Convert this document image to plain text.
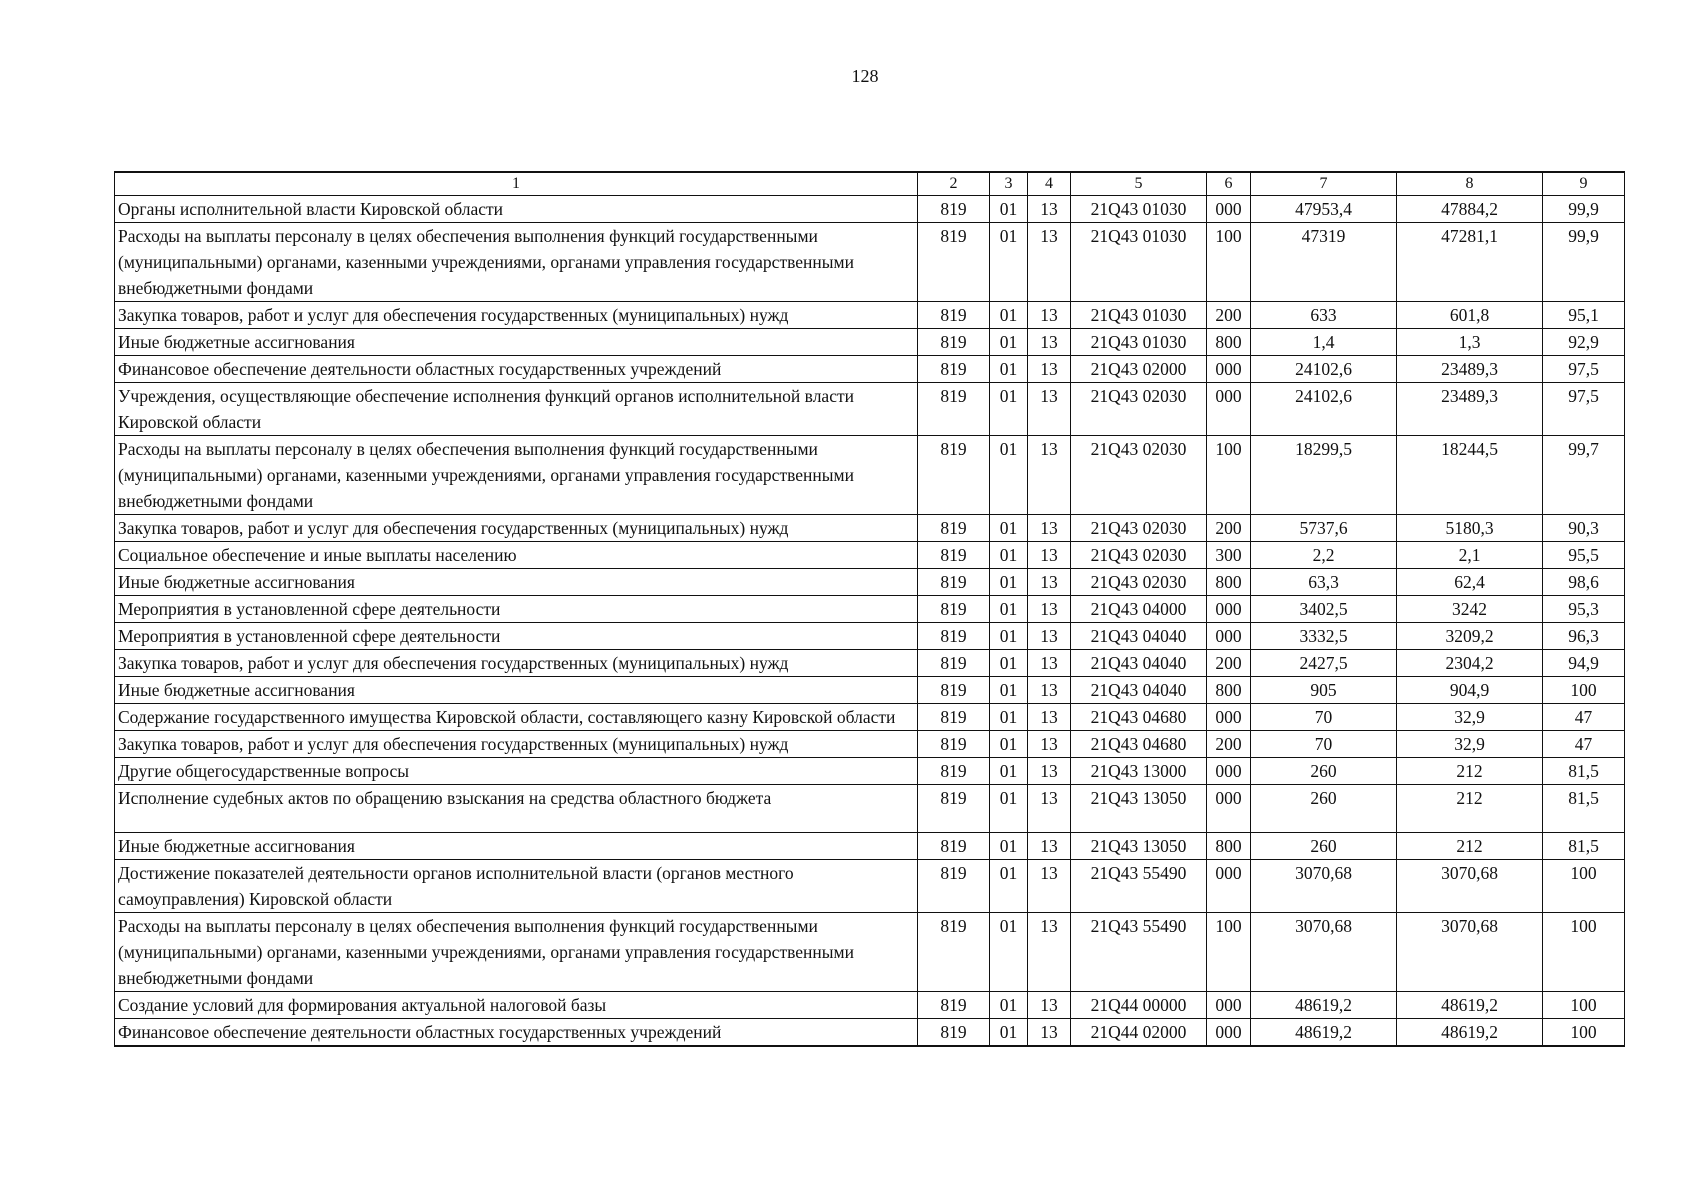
128
1	2	3	4	5	6	7	8	9
Органы исполнительной власти Кировской области	819	01	13	21Q43 01030	000	47953,4	47884,2	99,9
Расходы на выплаты персоналу в целях обеспечения выполнения функций государственными (муниципальными) органами, казенными учреждениями, органами управления государственными внебюджетными фондами	819	01	13	21Q43 01030	100	47319	47281,1	99,9
Закупка товаров, работ и услуг для обеспечения государственных (муниципальных) нужд	819	01	13	21Q43 01030	200	633	601,8	95,1
Иные бюджетные ассигнования	819	01	13	21Q43 01030	800	1,4	1,3	92,9
Финансовое обеспечение деятельности областных государственных учреждений	819	01	13	21Q43 02000	000	24102,6	23489,3	97,5
Учреждения, осуществляющие обеспечение исполнения функций органов исполнительной власти Кировской области	819	01	13	21Q43 02030	000	24102,6	23489,3	97,5
Расходы на выплаты персоналу в целях обеспечения выполнения функций государственными (муниципальными) органами, казенными учреждениями, органами управления государственными внебюджетными фондами	819	01	13	21Q43 02030	100	18299,5	18244,5	99,7
Закупка товаров, работ и услуг для обеспечения государственных (муниципальных) нужд	819	01	13	21Q43 02030	200	5737,6	5180,3	90,3
Социальное обеспечение и иные выплаты населению	819	01	13	21Q43 02030	300	2,2	2,1	95,5
Иные бюджетные ассигнования	819	01	13	21Q43 02030	800	63,3	62,4	98,6
Мероприятия в установленной сфере деятельности	819	01	13	21Q43 04000	000	3402,5	3242	95,3
Мероприятия в установленной сфере деятельности	819	01	13	21Q43 04040	000	3332,5	3209,2	96,3
Закупка товаров, работ и услуг для обеспечения государственных (муниципальных) нужд	819	01	13	21Q43 04040	200	2427,5	2304,2	94,9
Иные бюджетные ассигнования	819	01	13	21Q43 04040	800	905	904,9	100
Содержание государственного имущества Кировской области, составляющего казну Кировской области	819	01	13	21Q43 04680	000	70	32,9	47
Закупка товаров, работ и услуг для обеспечения государственных (муниципальных) нужд	819	01	13	21Q43 04680	200	70	32,9	47
Другие общегосударственные вопросы	819	01	13	21Q43 13000	000	260	212	81,5
Исполнение судебных актов по обращению взыскания на средства областного бюджета	819	01	13	21Q43 13050	000	260	212	81,5
Иные бюджетные ассигнования	819	01	13	21Q43 13050	800	260	212	81,5
Достижение показателей деятельности органов исполнительной власти (органов местного самоуправления) Кировской области	819	01	13	21Q43 55490	000	3070,68	3070,68	100
Расходы на выплаты персоналу в целях обеспечения выполнения функций государственными (муниципальными) органами, казенными учреждениями, органами управления государственными внебюджетными фондами	819	01	13	21Q43 55490	100	3070,68	3070,68	100
Создание условий для формирования актуальной налоговой базы	819	01	13	21Q44 00000	000	48619,2	48619,2	100
Финансовое обеспечение деятельности областных государственных учреждений	819	01	13	21Q44 02000	000	48619,2	48619,2	100
